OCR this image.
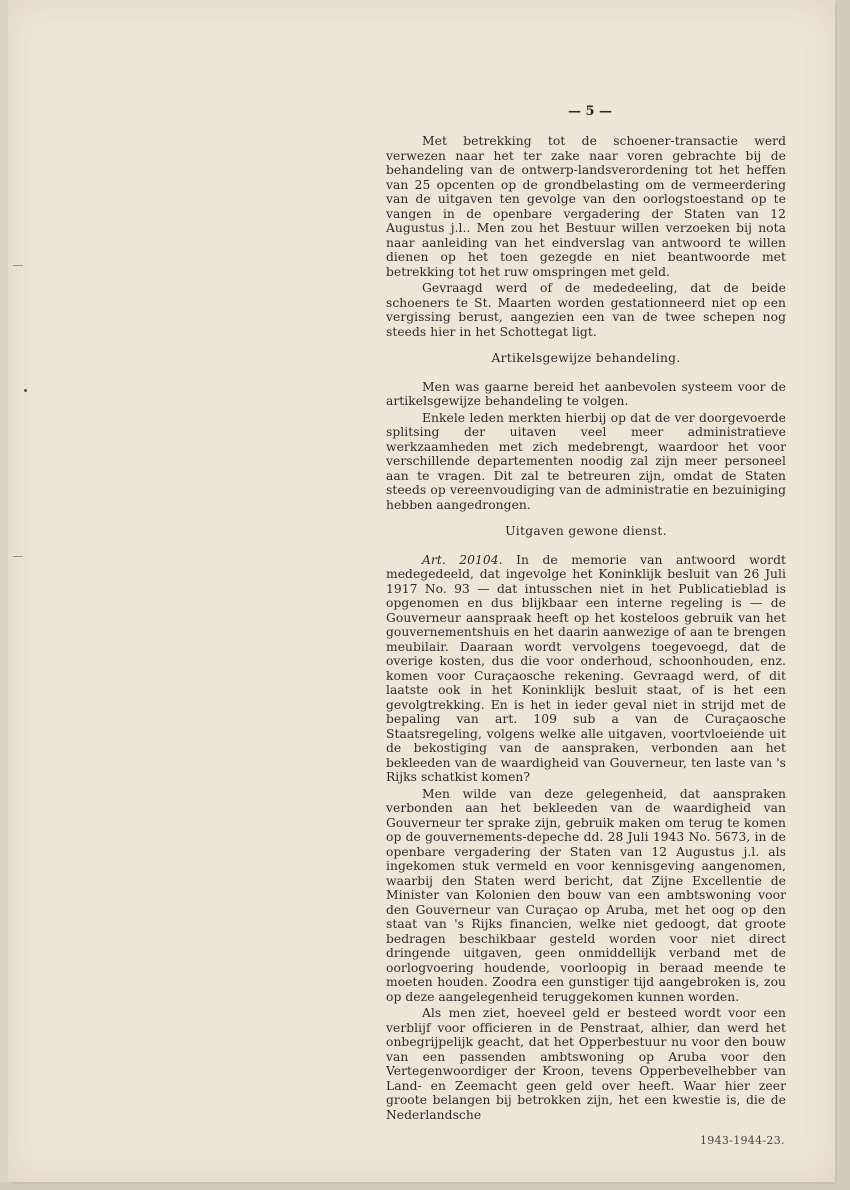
— 5 —

Met betrekking tot de schoener-transactie werd verwezen naar het ter zake naar voren gebrachte bij de behandeling van de ontwerp-landsverordening tot het heffen van 25 opcenten op de grondbelasting om de vermeerdering van de uitgaven ten gevolge van den oorlogstoestand op te vangen in de openbare vergadering der Staten van 12 Augustus j.l.. Men zou het Bestuur willen verzoeken bij nota naar aanleiding van het eindverslag van antwoord te willen dienen op het toen gezegde en niet beantwoorde met betrekking tot het ruw omspringen met geld.

Gevraagd werd of de mededeeling, dat de beide schoeners te St. Maarten worden gestationneerd niet op een vergissing berust, aangezien een van de twee schepen nog steeds hier in het Schottegat ligt.

Artikelsgewijze behandeling.

Men was gaarne bereid het aanbevolen systeem voor de artikelsgewijze behandeling te volgen.

Enkele leden merkten hierbij op dat de ver doorgevoerde splitsing der uitaven veel meer administratieve werkzaamheden met zich medebrengt, waardoor het voor verschillende departementen noodig zal zijn meer personeel aan te vragen. Dit zal te betreuren zijn, omdat de Staten steeds op vereenvoudiging van de administratie en bezuiniging hebben aangedrongen.

Uitgaven gewone dienst.

Art. 20104. In de memorie van antwoord wordt medegedeeld, dat ingevolge het Koninklijk besluit van 26 Juli 1917 No. 93 — dat intusschen niet in het Publicatieblad is opgenomen en dus blijkbaar een interne regeling is — de Gouverneur aanspraak heeft op het kosteloos gebruik van het gouvernementshuis en het daarin aanwezige of aan te brengen meubilair. Daaraan wordt vervolgens toegevoegd, dat de overige kosten, dus die voor onderhoud, schoonhouden, enz. komen voor Curaçaosche rekening. Gevraagd werd, of dit laatste ook in het Koninklijk besluit staat, of is het een gevolgtrekking. En is het in ieder geval niet in strijd met de bepaling van art. 109 sub a van de Curaçaosche Staatsregeling, volgens welke alle uitgaven, voortvloeiende uit de bekostiging van de aanspraken, verbonden aan het bekleeden van de waardigheid van Gouverneur, ten laste van 's Rijks schatkist komen?

Men wilde van deze gelegenheid, dat aanspraken verbonden aan het bekleeden van de waardigheid van Gouverneur ter sprake zijn, gebruik maken om terug te komen op de gouvernements-depeche dd. 28 Juli 1943 No. 5673, in de openbare vergadering der Staten van 12 Augustus j.l. als ingekomen stuk vermeld en voor kennisgeving aangenomen, waarbij den Staten werd bericht, dat Zijne Excellentie de Minister van Kolonien den bouw van een ambtswoning voor den Gouverneur van Curaçao op Aruba, met het oog op den staat van 's Rijks financien, welke niet gedoogt, dat groote bedragen beschikbaar gesteld worden voor niet direct dringende uitgaven, geen onmiddellijk verband met de oorlogvoering houdende, voorloopig in beraad meende te moeten houden. Zoodra een gunstiger tijd aangebroken is, zou op deze aangelegenheid teruggekomen kunnen worden.

Als men ziet, hoeveel geld er besteed wordt voor een verblijf voor officieren in de Penstraat, alhier, dan werd het onbegrijpelijk geacht, dat het Opperbestuur nu voor den bouw van een passenden ambtswoning op Aruba voor den Vertegenwoordiger der Kroon, tevens Opperbevelhebber van Land- en Zeemacht geen geld over heeft. Waar hier zeer groote belangen bij betrokken zijn, het een kwestie is, die de Nederlandsche

1943-1944-23.
